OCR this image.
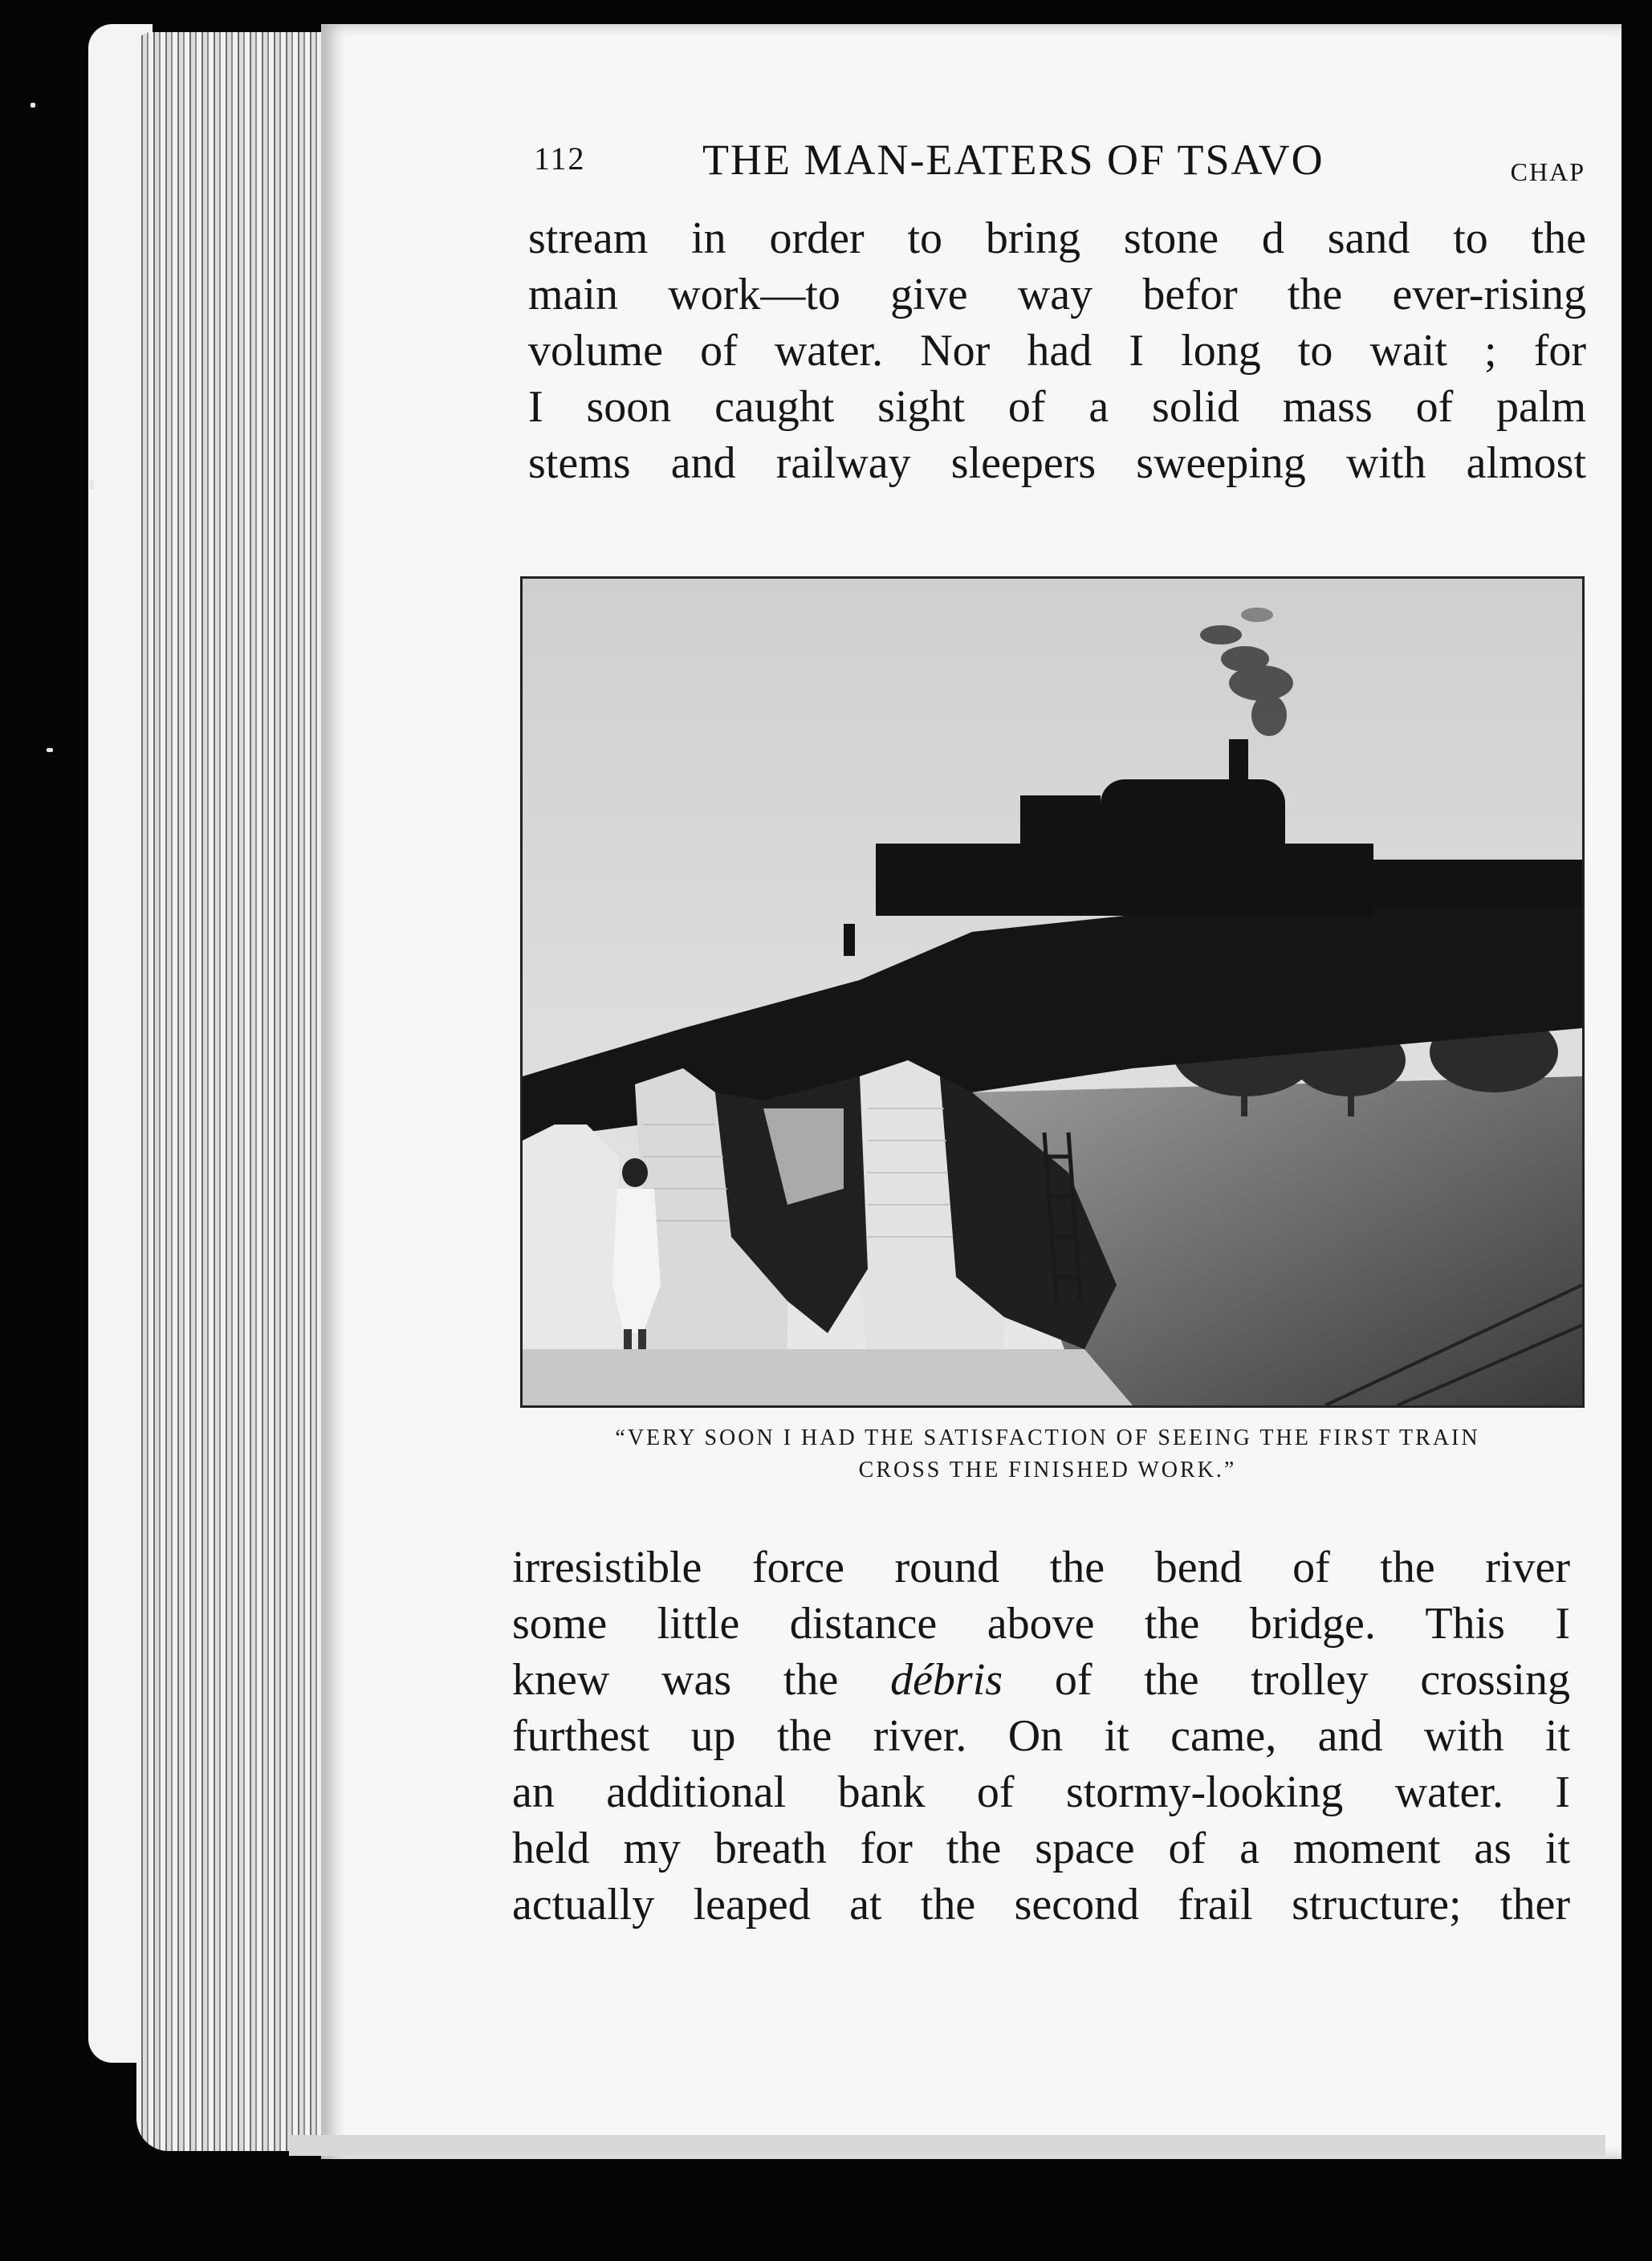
112	THE MAN-EATERS OF TSAVO	CHAP
stream in order to bring stone d sand to the
main work—to give way befor the ever-rising
volume of water. Nor had I long to wait ; for
I soon caught sight of a solid mass of palm
stems and railway sleepers sweeping with almost
“VERY SOON I HAD THE SATISFACTION OF SEEING THE FIRST TRAIN
CROSS THE FINISHED WORK.”
irresistible force round the bend of the river
some little distance above the bridge. This I
knew was the débris of the trolley crossing
furthest up the river. On it came, and with it
an additional bank of stormy-looking water. I
held my breath for the space of a moment as it
actually leaped at the second frail structure; ther
